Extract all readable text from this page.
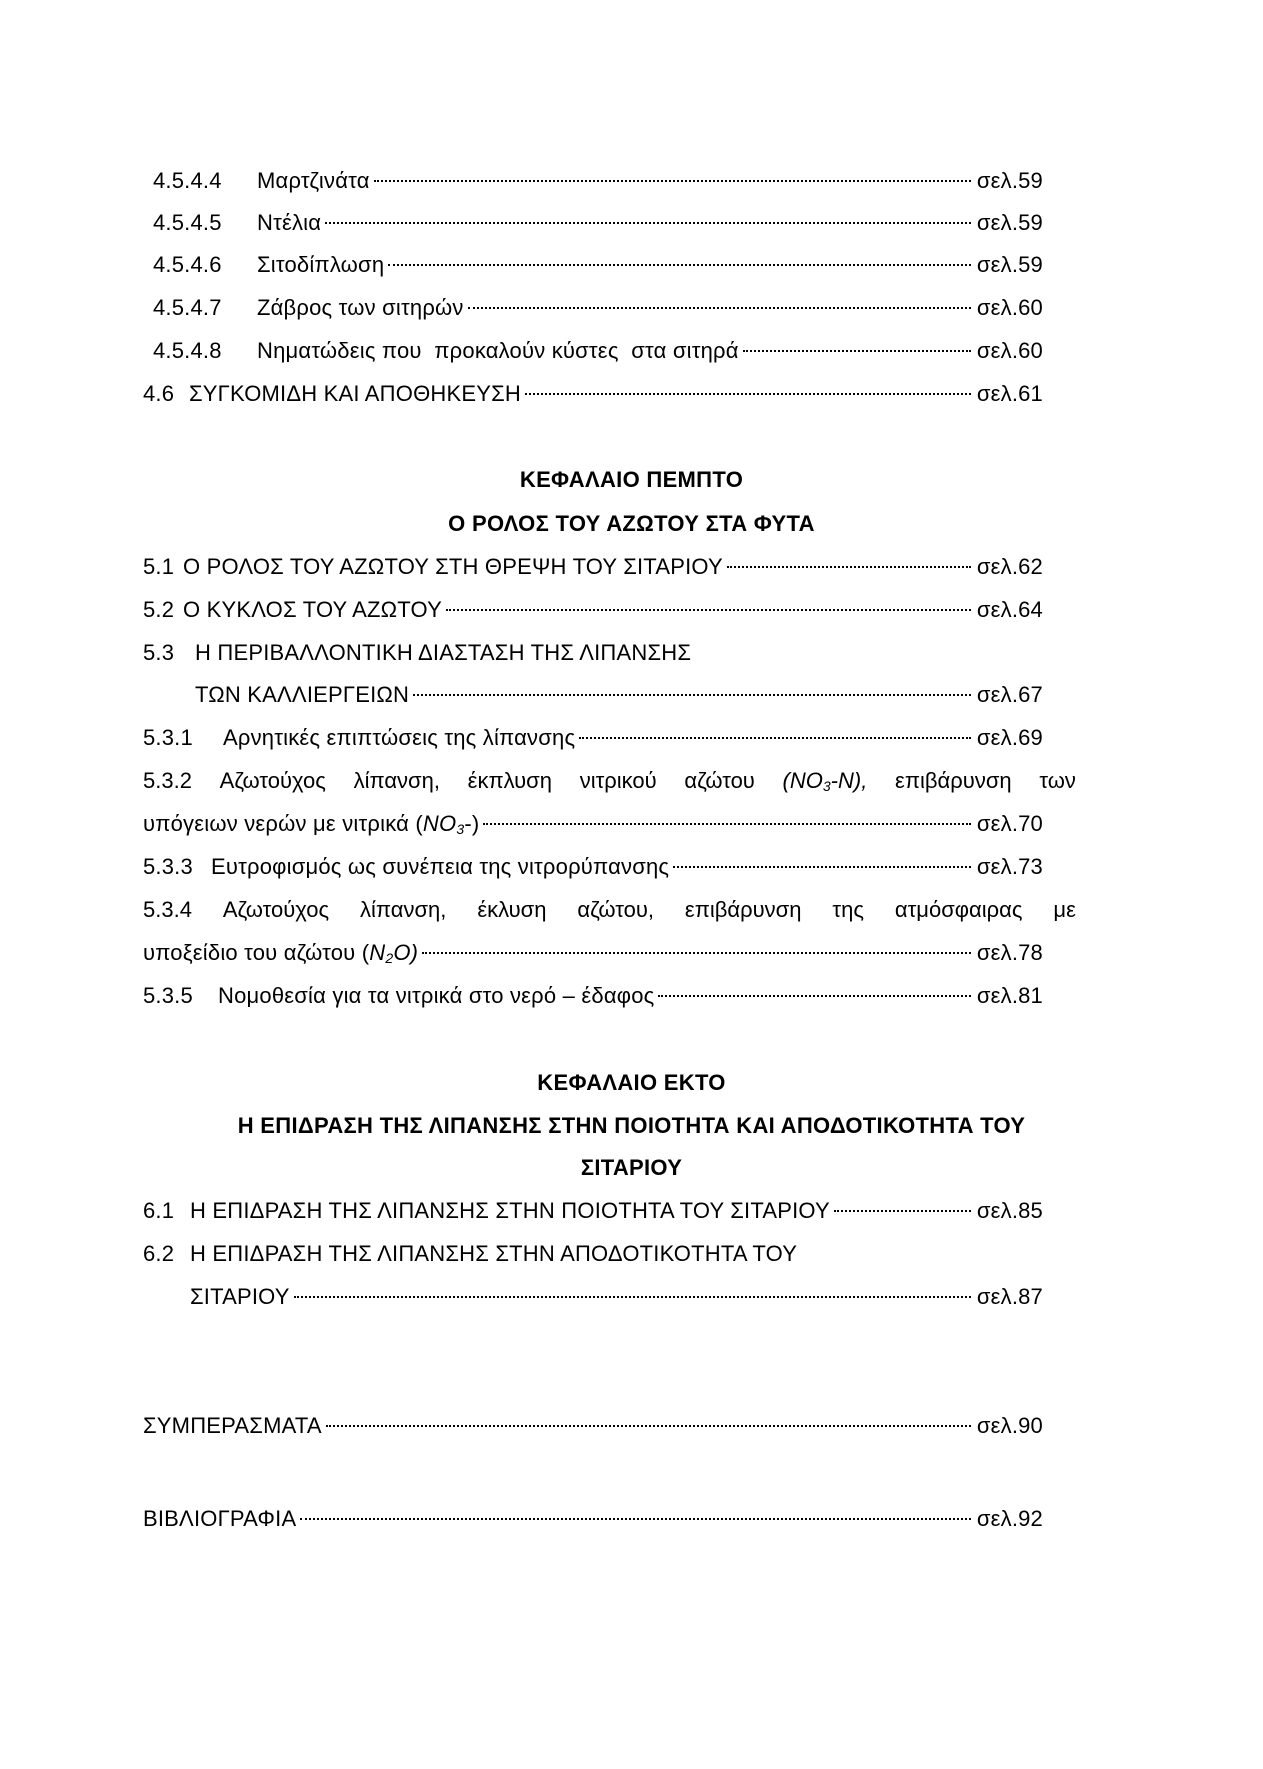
4.5.4.4	Μαρτζινάτα	σελ.59
4.5.4.5	Ντέλια	σελ.59
4.5.4.6	Σιτοδίπλωση	σελ.59
4.5.4.7	Ζάβρος των σιτηρών	σελ.60
4.5.4.8	Νηματώδεις που  προκαλούν κύστες  στα σιτηρά	σελ.60
4.6 ΣΥΓΚΟΜΙΔΗ ΚΑΙ ΑΠΟΘΗΚΕΥΣΗ	σελ.61
ΚΕΦΑΛΑΙΟ ΠΕΜΠΤΟ
Ο ΡΟΛΟΣ ΤΟΥ ΑΖΩΤΟΥ ΣΤΑ ΦΥΤΑ
5.1 Ο ΡΟΛΟΣ ΤΟΥ ΑΖΩΤΟΥ ΣΤΗ ΘΡΕΨΗ ΤΟΥ ΣΙΤΑΡΙΟΥ	σελ.62
5.2 Ο ΚΥΚΛΟΣ ΤΟΥ ΑΖΩΤΟΥ	σελ.64
5.3 Η ΠΕΡΙΒΑΛΛΟΝΤΙΚΗ ΔΙΑΣΤΑΣΗ ΤΗΣ ΛΙΠΑΝΣΗΣ
ΤΩΝ ΚΑΛΛΙΕΡΓΕΙΩΝ	σελ.67
5.3.1	Αρνητικές επιπτώσεις της λίπανσης	σελ.69
5.3.2 Αζωτούχος λίπανση, έκπλυση νιτρικού αζώτου $(NO_3-N)$, επιβάρυνση των
υπόγειων νερών με νιτρικά $(NO_3-)$	σελ.70
5.3.3 Ευτροφισμός ως συνέπεια της νιτρορύπανσης	σελ.73
5.3.4 Αζωτούχος λίπανση, έκλυση αζώτου, επιβάρυνση της ατμόσφαιρας με
υποξείδιο του αζώτου $(N_2O)$	σελ.78
5.3.5	Νομοθεσία για τα νιτρικά στο νερό – έδαφος	σελ.81
ΚΕΦΑΛΑΙΟ ΕΚΤΟ
Η ΕΠΙΔΡΑΣΗ ΤΗΣ ΛΙΠΑΝΣΗΣ ΣΤΗΝ ΠΟΙΟΤΗΤΑ ΚΑΙ ΑΠΟΔΟΤΙΚΟΤΗΤΑ ΤΟΥ
ΣΙΤΑΡΙΟΥ
6.1 Η ΕΠΙΔΡΑΣΗ ΤΗΣ ΛΙΠΑΝΣΗΣ ΣΤΗΝ ΠΟΙΟΤΗΤΑ ΤΟΥ ΣΙΤΑΡΙΟΥ	σελ.85
6.2 Η ΕΠΙΔΡΑΣΗ ΤΗΣ ΛΙΠΑΝΣΗΣ ΣΤΗΝ ΑΠΟΔΟΤΙΚΟΤΗΤΑ ΤΟΥ
ΣΙΤΑΡΙΟΥ	σελ.87
ΣΥΜΠΕΡΑΣΜΑΤΑ	σελ.90
ΒΙΒΛΙΟΓΡΑΦΙΑ	σελ.92
